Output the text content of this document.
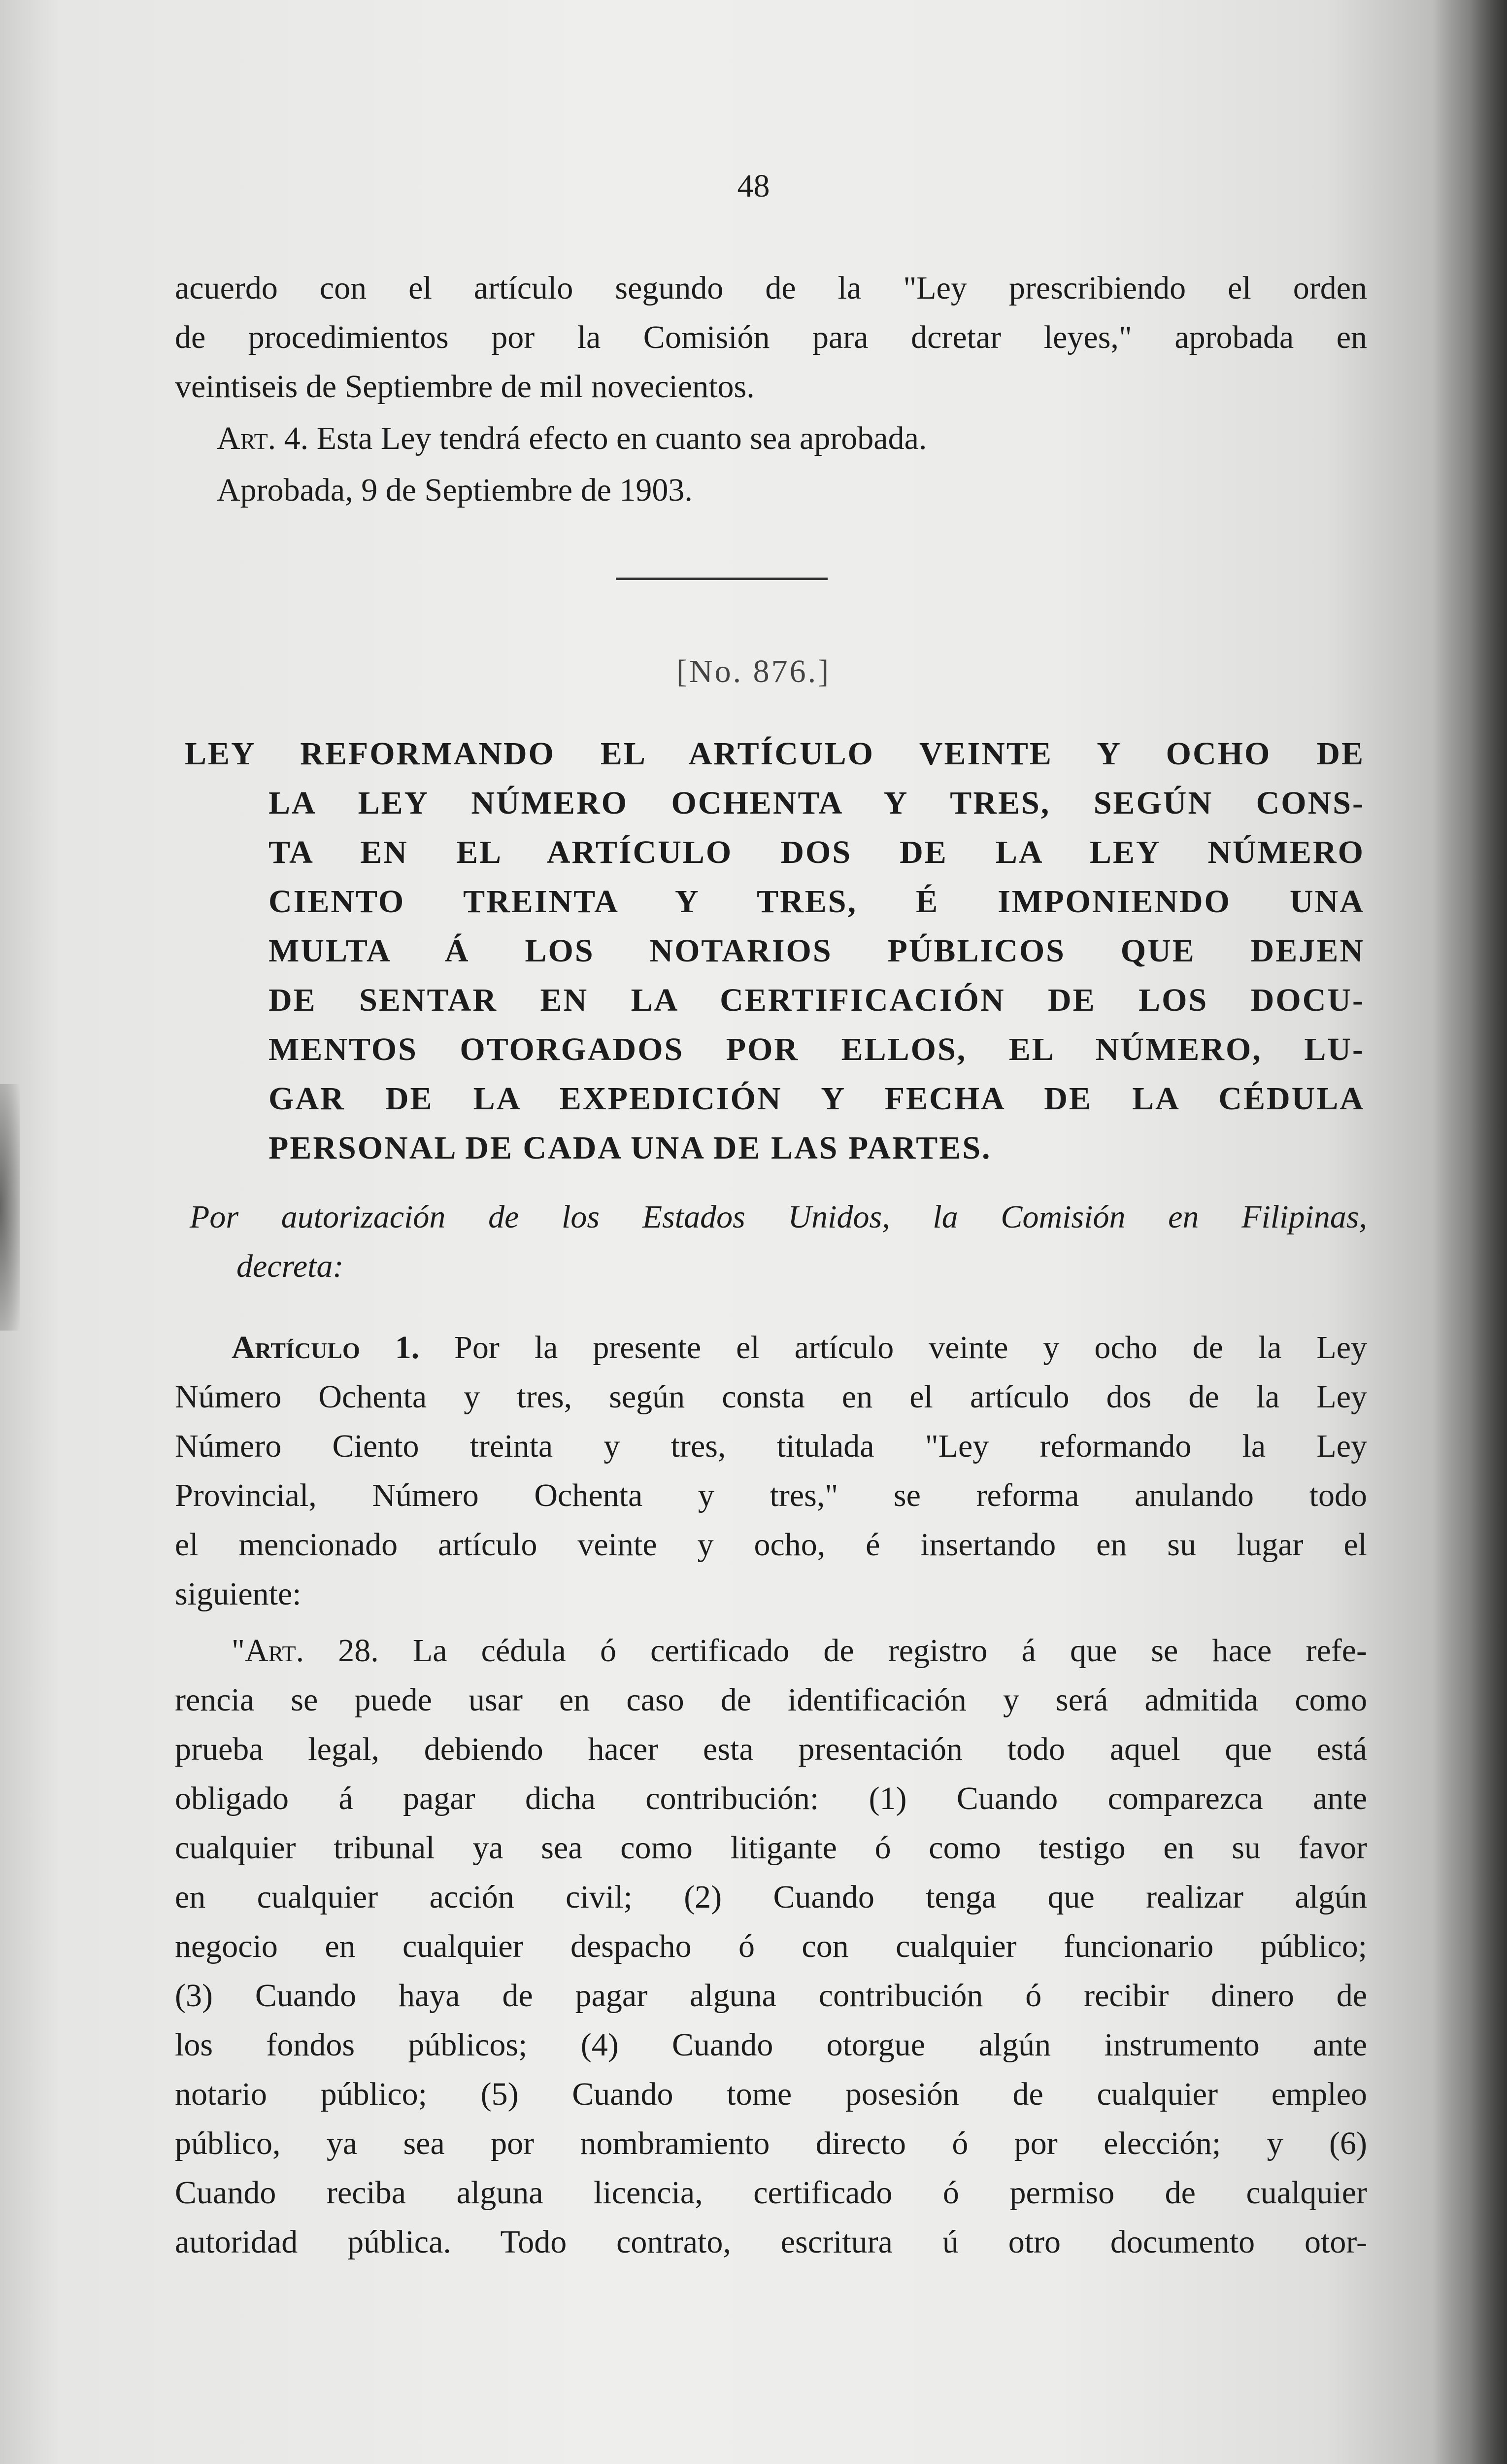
48
acuerdo con el artículo segundo de la "Ley prescribiendo el orden
de procedimientos por la Comisión para dcretar leyes," aprobada en
veintiseis de Septiembre de mil novecientos.
Art. 4. Esta Ley tendrá efecto en cuanto sea aprobada.
Aprobada, 9 de Septiembre de 1903.
[No. 876.]
LEY REFORMANDO EL ARTÍCULO VEINTE Y OCHO DE
LA LEY NÚMERO OCHENTA Y TRES, SEGÚN CONS-
TA EN EL ARTÍCULO DOS DE LA LEY NÚMERO
CIENTO TREINTA Y TRES, É IMPONIENDO UNA
MULTA Á LOS NOTARIOS PÚBLICOS QUE DEJEN
DE SENTAR EN LA CERTIFICACIÓN DE LOS DOCU-
MENTOS OTORGADOS POR ELLOS, EL NÚMERO, LU-
GAR DE LA EXPEDICIÓN Y FECHA DE LA CÉDULA
PERSONAL DE CADA UNA DE LAS PARTES.
Por autorización de los Estados Unidos, la Comisión en Filipinas,
decreta:
Artículo 1. Por la presente el artículo veinte y ocho de la Ley
Número Ochenta y tres, según consta en el artículo dos de la Ley
Número Ciento treinta y tres, titulada "Ley reformando la Ley
Provincial, Número Ochenta y tres," se reforma anulando todo
el mencionado artículo veinte y ocho, é insertando en su lugar el
siguiente:
"Art. 28. La cédula ó certificado de registro á que se hace refe-
rencia se puede usar en caso de identificación y será admitida como
prueba legal, debiendo hacer esta presentación todo aquel que está
obligado á pagar dicha contribución: (1) Cuando comparezca ante
cualquier tribunal ya sea como litigante ó como testigo en su favor
en cualquier acción civil; (2) Cuando tenga que realizar algún
negocio en cualquier despacho ó con cualquier funcionario público;
(3) Cuando haya de pagar alguna contribución ó recibir dinero de
los fondos públicos; (4) Cuando otorgue algún instrumento ante
notario público; (5) Cuando tome posesión de cualquier empleo
público, ya sea por nombramiento directo ó por elección; y (6)
Cuando reciba alguna licencia, certificado ó permiso de cualquier
autoridad pública. Todo contrato, escritura ú otro documento otor-
